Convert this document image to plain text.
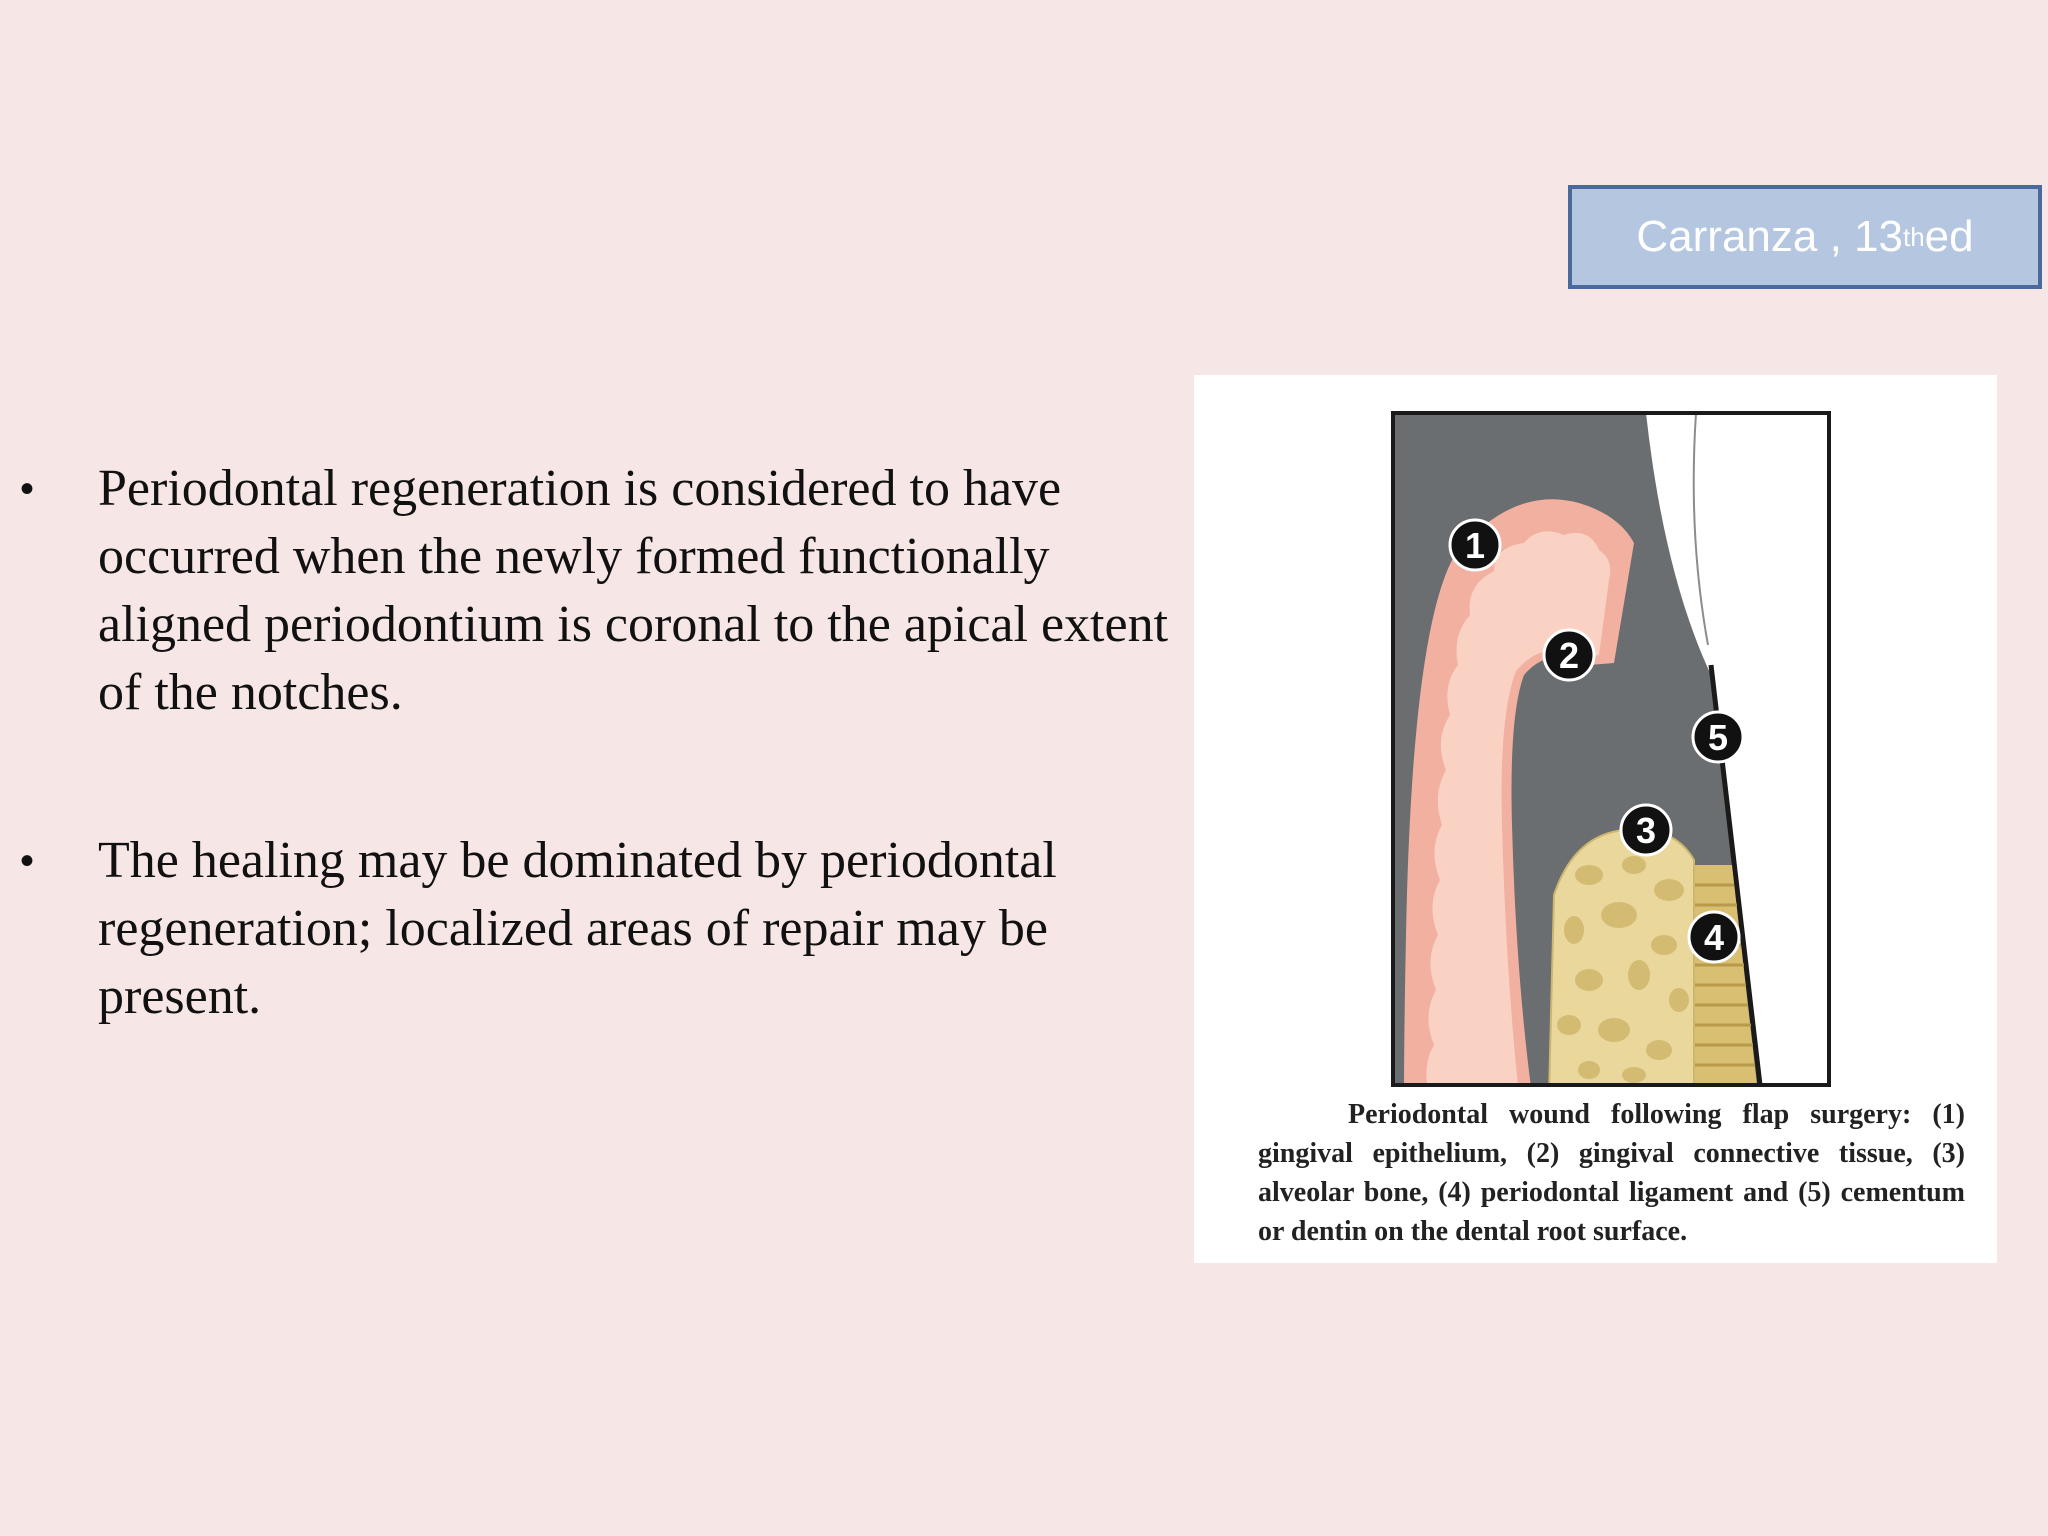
Carranza , 13 th ed
• Periodontal regeneration is considered to have occurred when the newly formed functionally aligned periodontium is coronal to the apical extent of the notches.
• The healing may be dominated by periodontal regeneration; localized areas of repair may be present.
1
2
3
4
5
Periodontal wound following flap surgery: (1) gingival epithelium, (2) gingival connective tissue, (3) alveolar bone, (4) periodontal ligament and (5) cementum or dentin on the dental root surface.
